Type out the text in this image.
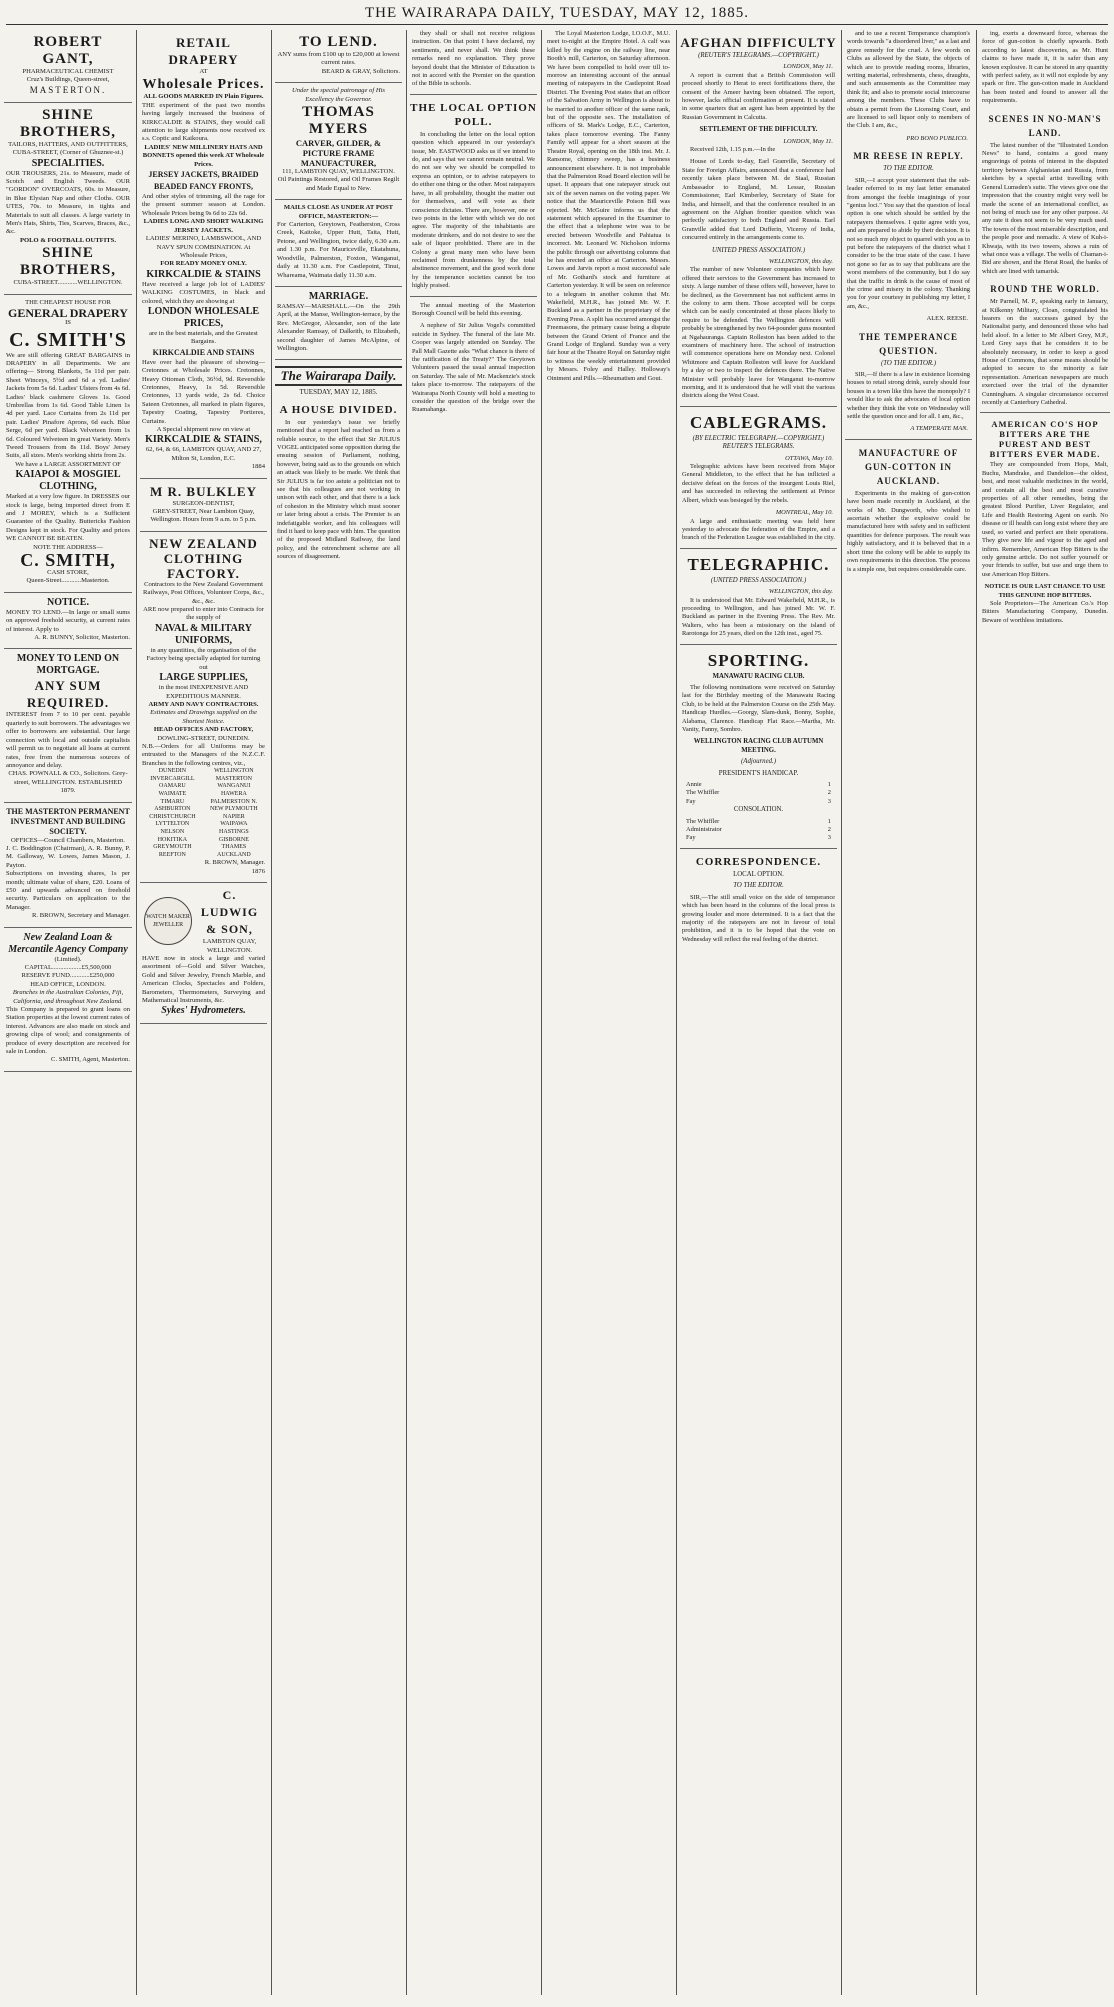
THE WAIRARAPA DAILY, TUESDAY, MAY 12, 1885.
ROBERT GANT,
PHARMACEUTICAL CHEMIST
Cruz's Buildings, Queen-street,
MASTERTON.
SHINE BROTHERS,
TAILORS, HATTERS, AND OUTFITTERS,
CUBA-STREET, (Corner of Ghuznee-st.)
SPECIALITIES.
OUR TROUSERS, 21s. to Measure, made of Scotch and English Tweeds. OUR "GORDON" OVERCOATS, 60s. to Measure, in Blue Elysian Nap and other Cloths. OUR UTES, 70s. to Measure, in tights and Materials to suit all classes. A large variety in Men's Hats, Shirts, Ties, Scarves, Braces, &c., &c.
POLO & FOOTBALL OUTFITS.
SHINE BROTHERS,
CUBA-STREET............WELLINGTON.
THE CHEAPEST HOUSE FOR
GENERAL DRAPERY
IS
C. SMITH'S
We are still offering GREAT BARGAINS in DRAPERY in all Departments. We are offering— Strong Blankets, 5s 11d per pair. Sheet Winceys, 5½d and 6d a yd. Ladies' Jackets from 5s 6d. Ladies' Ulsters from 4s 6d. Ladies' black cashmere Gloves 1s. Good Umbrellas from 1s 6d. Good Table Linen 1s 4d per yard. Lace Curtains from 2s 11d per pair. Ladies' Pinafore Aprons, 6d each. Blue Serge, 6d per yard. Black Velveteen from 1s 6d. Coloured Velveteen in great Variety. Men's Tweed Trousers from 8s 11d. Boys' Jersey Suits, all sizes. Men's working shirts from 2s.
We have a LARGE ASSORTMENT OF
KAIAPOI & MOSGIEL CLOTHING,
Marked at a very low figure. In DRESSES our stock is large, being imported direct from E and J MOREY, which is a Sufficient Guarantee of the Quality. Buttericks Fashion Designs kept in stock. For Quality and prices WE CANNOT BE BEATEN.
NOTE THE ADDRESS—
C. SMITH,
CASH STORE,
Queen-Street............Masterton.
NOTICE.
MONEY TO LEND.—In large or small sums on approved freehold security, at current rates of interest. Apply to
A. R. BUNNY, Solicitor, Masterton.
MONEY TO LEND ON MORTGAGE.
ANY SUM REQUIRED.
INTEREST from 7 to 10 per cent. payable quarterly to suit borrowers. The advantages we offer to borrowers are substantial. Our large connection with local and outside capitalists will permit us to negotiate all loans at current rates, free from the numerous sources of annoyance and delay.
CHAS. POWNALL & CO., Solicitors. Grey-street, WELLINGTON. ESTABLISHED 1879.
THE MASTERTON PERMANENT INVESTMENT AND BUILDING SOCIETY.
OFFICES—Council Chambers, Masterton.
J. C. Boddington (Chairman), A. R. Bunny, P. M. Galloway, W. Lowes, James Mason, J. Payton.
Subscriptions on investing shares, 1s per month; ultimate value of share, £20. Loans of £50 and upwards advanced on freehold security. Particulars on application to the Manager.
R. BROWN, Secretary and Manager.
New Zealand Loan & Mercantile Agency Company
(Limited).
CAPITAL..................£5,500,000
RESERVE FUND............£250,000
HEAD OFFICE, LONDON.
Branches in the Australian Colonies, Fiji, California, and throughout New Zealand.
This Company is prepared to grant loans on Station properties at the lowest current rates of interest. Advances are also made on stock and growing clips of wool; and consignments of produce of every description are received for sale in London.
C. SMITH, Agent, Masterton.
RETAIL DRAPERY
AT
Wholesale Prices.
ALL GOODS MARKED IN Plain Figures.
THE experiment of the past two months having largely increased the business of KIRKCALDIE & STAINS, they would call attention to large shipments now received ex s.s. Coptic and Kaikoura.
LADIES' NEW MILLINERY HATS AND BONNETS opened this week AT Wholesale Prices.
JERSEY JACKETS, BRAIDED BEADED FANCY FRONTS,
And other styles of trimming, all the rage for the present summer season at London. Wholesale Prices being 9s 6d to 22s 6d.
LADIES LONG AND SHORT WALKING JERSEY JACKETS.
LADIES' MERINO, LAMBSWOOL, AND NAVY SPUN COMBINATION. At Wholesale Prices,
FOR READY MONEY ONLY.
KIRKCALDIE & STAINS
Have received a large job lot of LADIES' WALKING COSTUMES, in black and colored, which they are showing at
LONDON WHOLESALE PRICES,
are in the best materials, and the Greatest Bargains.
KIRKCALDIE AND STAINS
Have over had the pleasure of showing—Cretonnes at Wholesale Prices. Cretonnes, Heavy Ottoman Cloth, 36½d, 9d. Reversible Cretonnes, Heavy, 1s 5d. Reversible Cretonnes, 13 yards wide, 2s 6d. Choice Sateen Cretonnes, all marked in plain figures, Tapestry Coating, Tapestry Portieres, Curtains.
A Special shipment now on view at
KIRKCALDIE & STAINS,
62, 64, & 66, LAMBTON QUAY, AND 27, Milton St, London, E.C.
1884
M R. BULKLEY
SURGEON-DENTIST,
GREY-STREET, Near Lambton Quay, Wellington. Hours from 9 a.m. to 5 p.m.
NEW ZEALAND CLOTHING FACTORY.
Contractors to the New Zealand Government Railways, Post Offices, Volunteer Corps, &c., &c., &c.
ARE now prepared to enter into Contracts for the supply of
NAVAL & MILITARY UNIFORMS,
in any quantities, the organisation of the Factory being specially adapted for turning out
LARGE SUPPLIES,
in the most INEXPENSIVE AND EXPEDITIOUS MANNER.
ARMY AND NAVY CONTRACTORS.
Estimates and Drawings supplied on the Shortest Notice.
HEAD OFFICES AND FACTORY,
DOWLING-STREET, DUNEDIN.
N.B.—Orders for all Uniforms may be entrusted to the Managers of the N.Z.C.F. Branches in the following centres, viz.,
DUNEDIN
INVERCARGILL
OAMARU
WAIMATE
TIMARU
ASHBURTON
CHRISTCHURCH
LYTTELTON
NELSON
HOKITIKA
GREYMOUTH
REEFTON
WELLINGTON
MASTERTON
WANGANUI
HAWERA
PALMERSTON N.
NEW PLYMOUTH
NAPIER
WAIPAWA
HASTINGS
GISBORNE
THAMES
AUCKLAND
R. BROWN, Manager.
1876
WATCH MAKER JEWELLER
C. LUDWIG & SON,
LAMBTON QUAY, WELLINGTON.
HAVE now in stock a large and varied assortment of—Gold and Silver Watches, Gold and Silver Jewelry, French Marble, and American Clocks, Spectacles and Folders, Barometers, Thermometers, Surveying and Mathematical Instruments, &c.
Sykes' Hydrometers.
TO LEND.
ANY sums from £100 up to £20,000 at lowest current rates.
BEARD & GRAY, Solicitors.
Under the special patronage of His Excellency the Governor.
THOMAS MYERS
CARVER, GILDER, & PICTURE FRAME MANUFACTURER,
111, LAMBTON QUAY, WELLINGTON.
Oil Paintings Restored, and Oil Frames Regilt and Made Equal to New.
MAILS CLOSE AS UNDER AT POST OFFICE, MASTERTON:—
For Carterton, Greytown, Featherston, Cross Creek, Kaitoke, Upper Hutt, Taita, Hutt, Petone, and Wellington, twice daily, 6.30 a.m. and 1.30 p.m. For Mauriceville, Ekatahuna, Woodville, Palmerston, Foxton, Wanganui, daily at 11.30 a.m. For Castlepoint, Tinui, Whareama, Waimata daily 11.30 a.m.
MARRIAGE.
RAMSAY—MARSHALL.—On the 29th April, at the Manse, Wellington-terrace, by the Rev. McGregor, Alexander, son of the late Alexander Ramsay, of Dalkeith, to Elizabeth, second daughter of James McAlpine, of Wellington.
The Wairarapa Daily.
TUESDAY, MAY 12, 1885.
A HOUSE DIVIDED.
In our yesterday's issue we briefly mentioned that a report had reached us from a reliable source, to the effect that Sir JULIUS VOGEL anticipated some opposition during the ensuing session of Parliament, nothing, however, being said as to the grounds on which an attack was likely to be made. We think that Sir JULIUS is far too astute a politician not to see that his colleagues are not working in unison with each other, and that there is a lack of cohesion in the Ministry which must sooner or later bring about a crisis. The Premier is an indefatigable worker, and his colleagues will find it hard to keep pace with him. The question of the proposed Midland Railway, the land policy, and the retrenchment scheme are all sources of disagreement.
they shall or shall not receive religious instruction. On that point I have declared, my sentiments, and never shall. We think these remarks need no explanation. They prove beyond doubt that the Minister of Education is not in accord with the Premier on the question of the Bible in schools.
THE LOCAL OPTION POLL.
In concluding the letter on the local option question which appeared in our yesterday's issue, Mr. EASTWOOD asks us if we intend to do, and says that we cannot remain neutral. We do not see why we should be compelled to express an opinion, or to advise ratepayers to do either one thing or the other. Most ratepayers have, in all probability, thought the matter out for themselves, and will vote as their conscience dictates. There are, however, one or two points in the letter with which we do not agree. The majority of the inhabitants are moderate drinkers, and do not desire to see the sale of liquor prohibited. There are in the Colony a great many men who have been reclaimed from drunkenness by the total abstinence movement, and the good work done by the temperance societies cannot be too highly praised.
The annual meeting of the Masterton Borough Council will be held this evening.
A nephew of Sir Julius Vogel's committed suicide in Sydney. The funeral of the late Mr. Cooper was largely attended on Sunday. The Pall Mall Gazette asks "What chance is there of the ratification of the Treaty?" The Greytown Volunteers passed the usual annual inspection on Saturday. The sale of Mr. Mackenzie's stock takes place to-morrow. The ratepayers of the Wairarapa North County will hold a meeting to consider the question of the bridge over the Ruamahanga.
The Loyal Masterton Lodge, I.O.O.F., M.U. meet to-night at the Empire Hotel. A calf was killed by the engine on the railway line, near Booth's mill, Carterton, on Saturday afternoon. We have been compelled to hold over till to-morrow an interesting account of the annual meeting of ratepayers in the Castlepoint Road District. The Evening Post states that an officer of the Salvation Army in Wellington is about to be married to another officer of the same rank, but of the opposite sex. The installation of officers of St. Mark's Lodge, E.C., Carterton, takes place tomorrow evening. The Fanny Family will appear for a short season at the Theatre Royal, opening on the 18th inst. Mr. J. Ransome, chimney sweep, has a business announcement elsewhere. It is not improbable that the Palmerston Road Board election will be upset. It appears that one ratepayer struck out six of the seven names on the voting paper. We notice that the Mauriceville Poison Bill was rejected. Mr. McGuire informs us that the statement which appeared in the Examiner to the effect that a telephone wire was to be erected between Woodville and Pahiatua is incorrect. Mr. Leonard W. Nicholson informs the public through our advertising columns that he has erected an office at Carterton. Messrs. Lowes and Jarvis report a most successful sale of Mr. Gothard's stock and furniture at Carterton yesterday. It will be seen on reference to a telegram in another column that Mr. Wakefield, M.H.R., has joined Mr. W. F. Buckland as a partner in the proprietary of the Evening Press. A split has occurred amongst the Freemasons, the primary cause being a dispute between the Grand Orient of France and the Grand Lodge of England. Sunday was a very fair hour at the Theatre Royal on Saturday night to witness the weekly entertainment provided by Messrs. Foley and Halley. Holloway's Ointment and Pills.—Rheumatism and Gout.
AFGHAN DIFFICULTY
(REUTER'S TELEGRAMS.—COPYRIGHT.)
LONDON, May 11.
A report is current that a British Commission will proceed shortly to Herat to erect fortifications there, the consent of the Ameer having been obtained. The report, however, lacks official confirmation at present. It is stated in some quarters that an agent has been appointed by the Russian Government in Calcutta.
SETTLEMENT OF THE DIFFICULTY.
LONDON, May 11.
Received 12th, 1.15 p.m.—In the
House of Lords to-day, Earl Granville, Secretary of State for Foreign Affairs, announced that a conference had recently taken place between M. de Staal, Russian Ambassador to England, M. Lessar, Russian Commissioner, Earl Kimberley, Secretary of State for India, and himself, and that the conference resulted in an agreement on the Afghan frontier question which was perfectly satisfactory to both England and Russia. Earl Granville added that Lord Dufferin, Viceroy of India, concurred entirely in the arrangements come to.
UNITED PRESS ASSOCIATION.)
WELLINGTON, this day.
The number of new Volunteer companies which have offered their services to the Government has increased to sixty. A large number of these offers will, however, have to be declined, as the Government has not sufficient arms in the colony to arm them. Those accepted will be corps which can be easily concentrated at those places likely to require to be defended. The Wellington defences will probably be strengthened by two 64-pounder guns mounted at Ngahauranga. Captain Rolleston has been added to the examiners of machinery here. The school of instruction will commence operations here on Monday next. Colonel Whitmore and Captain Rolleston will leave for Auckland by a day or two to inspect the defences there. The Native Minister will probably leave for Wanganui to-morrow morning, and it is understood that he will visit the various districts along the West Coast.
CABLEGRAMS.
(BY ELECTRIC TELEGRAPH.—COPYRIGHT.) REUTER'S TELEGRAMS.
OTTAWA, May 10.
Telegraphic advices have been received from Major General Middleton, to the effect that he has inflicted a decisive defeat on the forces of the insurgent Louis Riel, and has succeeded in relieving the settlement at Prince Albert, which was besieged by the rebels.
MONTREAL, May 10.
A large and enthusiastic meeting was held here yesterday to advocate the federation of the Empire, and a branch of the Federation League was established in the city.
TELEGRAPHIC.
(UNITED PRESS ASSOCIATION.)
WELLINGTON, this day.
It is understood that Mr. Edward Wakefield, M.H.R., is proceeding to Wellington, and has joined Mr. W. F. Buckland as partner in the Evening Press. The Rev. Mr. Walters, who has been a missionary on the island of Rarotonga for 25 years, died on the 12th inst., aged 75.
SPORTING.
MANAWATU RACING CLUB.
The following nominations were received on Saturday last for the Birthday meeting of the Manawatu Racing Club, to be held at the Palmerston Course on the 25th May. Handicap Hurdles.—Goorgy, Slam-dunk, Bonny, Sophie, Alabama, Clarence. Handicap Flat Race.—Martha, Mr. Vanity, Fanny, Sombro.
WELLINGTON RACING CLUB AUTUMN MEETING.
(Adjourned.)
PRESIDENT'S HANDICAP.
Annie	1
The Whiffler	2
Fay	3
CONSOLATION.
The Whiffler	1
Administrator	2
Fay	3
CORRESPONDENCE.
LOCAL OPTION.
TO THE EDITOR.
SIR,—The still small voice on the side of temperance which has been heard in the columns of the local press is growing louder and more determined. It is a fact that the majority of the ratepayers are not in favour of total prohibition, and it is to be hoped that the vote on Wednesday will reflect the real feeling of the district.
and to use a recent Temperance champion's words towards "a disordered liver," as a last and grave remedy for the cruel. A few words on Clubs as allowed by the State, the objects of which are to provide reading rooms, libraries, writing material, refreshments, chess, draughts, and such amusements as the Committee may think fit; and also to promote social intercourse among the members. These Clubs have to obtain a permit from the Licensing Court, and are licensed to sell liquor only to members of the Club. I am, &c.,
PRO BONO PUBLICO.
MR REESE IN REPLY.
TO THE EDITOR.
SIR,—I accept your statement that the sub-leader referred to in my last letter emanated from amongst the feeble imaginings of your "genius loci." You say that the question of local option is one which should be settled by the ratepayers themselves. I quite agree with you, and am prepared to abide by their decision. It is not so much my object to quarrel with you as to put before the ratepayers of the district what I consider to be the true state of the case. I have not gone so far as to say that publicans are the worst members of the community, but I do say that the traffic in drink is the cause of most of the crime and misery in the colony. Thanking you for your courtesy in publishing my letter, I am, &c.,
ALEX. REESE.
THE TEMPERANCE QUESTION.
(TO THE EDITOR.)
SIR,—If there is a law in existence licensing houses to retail strong drink, surely should four houses in a town like this have the monopoly? I would like to ask the advocates of local option whether they think the vote on Wednesday will settle the question once and for all. I am, &c.,
A TEMPERATE MAN.
MANUFACTURE OF GUN-COTTON IN AUCKLAND.
Experiments in the making of gun-cotton have been made recently in Auckland, at the works of Mr. Dungworth, who wished to ascertain whether the explosive could be manufactured here with safety and in sufficient quantities for defence purposes. The result was highly satisfactory, and it is believed that in a short time the colony will be able to supply its own requirements in this direction. The process is a simple one, but requires considerable care.
ing, exerts a downward force, whereas the force of gun-cotton is chiefly upwards. Both according to latest discoveries, as Mr. Hunt claims to have made it, it is safer than any known explosive. It can be stored in any quantity with perfect safety, as it will not explode by any spark or fire. The gun-cotton made in Auckland has been tested and found to answer all the requirements.
SCENES IN NO-MAN'S LAND.
The latest number of the "Illustrated London News" to hand, contains a good many engravings of points of interest in the disputed territory between Afghanistan and Russia, from sketches by a special artist travelling with General Lumsden's suite. The views give one the impression that the country might very well be made the scene of an international conflict, as not being of much use for any other purpose. At any rate it does not seem to be very much used. The towns of the most miserable description, and the people poor and nomadic. A view of Kuh-i-Khwaja, with its two towers, shows a ruin of what once was a village. The wells of Chaman-i-Bid are shown, and the Herat Road, the banks of which are lined with tamarisk.
ROUND THE WORLD.
Mr Parnell, M. P., speaking early in January, at Kilkenny Military, Cloan, congratulated his hearers on the successes gained by the Nationalist party, and denounced those who had held aloof. In a letter to Mr Albert Grey, M.P., Lord Grey says that he considers it to be absolutely necessary, in order to keep a good House of Commons, that some means should be adopted to secure to the minority a fair representation. American newspapers are much exercised over the trial of the dynamiter Cunningham. A singular circumstance occurred recently at Canterbury Cathedral.
AMERICAN CO'S HOP BITTERS ARE THE PUREST AND BEST BITTERS EVER MADE.
They are compounded from Hops, Malt, Buchu, Mandrake, and Dandelion—the oldest, best, and most valuable medicines in the world, and contain all the best and most curative properties of all other remedies, being the greatest Blood Purifier, Liver Regulator, and Life and Health Restoring Agent on earth. No disease or ill health can long exist where they are used, so varied and perfect are their operations. They give new life and vigour to the aged and infirm. Remember, American Hop Bitters is the only genuine article. Do not suffer yourself or your friends to suffer, but use and urge them to use American Hop Bitters.
NOTICE IS OUR LAST CHANCE TO USE THIS GENUINE HOP BITTERS.
Sole Proprietors—The American Co.'s Hop Bitters Manufacturing Company, Dunedin. Beware of worthless imitations.
